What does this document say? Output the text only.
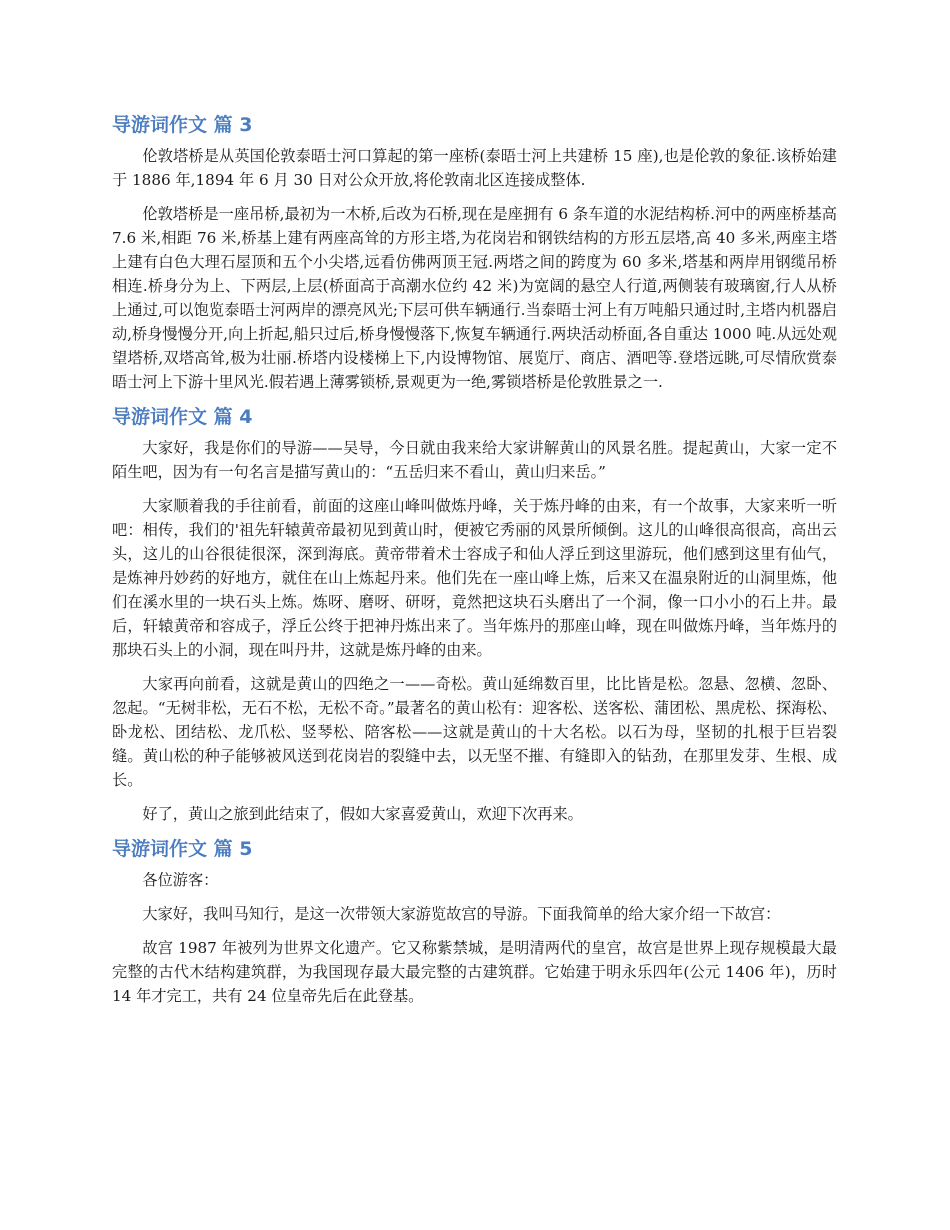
导游词作文 篇 3

伦敦塔桥是从英国伦敦泰晤士河口算起的第一座桥(泰晤士河上共建桥 15 座),也是伦敦的象征.该桥始建于 1886 年,1894 年 6 月 30 日对公众开放,将伦敦南北区连接成整体.

伦敦塔桥是一座吊桥,最初为一木桥,后改为石桥,现在是座拥有 6 条车道的水泥结构桥.河中的两座桥基高 7.6 米,相距 76 米,桥基上建有两座高耸的方形主塔,为花岗岩和钢铁结构的方形五层塔,高 40 多米,两座主塔上建有白色大理石屋顶和五个小尖塔,远看仿佛两顶王冠.两塔之间的跨度为 60 多米,塔基和两岸用钢缆吊桥相连.桥身分为上、下两层,上层(桥面高于高潮水位约 42 米)为宽阔的悬空人行道,两侧装有玻璃窗,行人从桥上通过,可以饱览泰晤士河两岸的漂亮风光;下层可供车辆通行.当泰晤士河上有万吨船只通过时,主塔内机器启动,桥身慢慢分开,向上折起,船只过后,桥身慢慢落下,恢复车辆通行.两块活动桥面,各自重达 1000 吨.从远处观望塔桥,双塔高耸,极为壮丽.桥塔内设楼梯上下,内设博物馆、展览厅、商店、酒吧等.登塔远眺,可尽情欣赏泰晤士河上下游十里风光.假若遇上薄雾锁桥,景观更为一绝,雾锁塔桥是伦敦胜景之一.

导游词作文 篇 4

大家好，我是你们的导游——吴导，今日就由我来给大家讲解黄山的风景名胜。提起黄山，大家一定不陌生吧，因为有一句名言是描写黄山的：“五岳归来不看山，黄山归来岳。”

大家顺着我的手往前看，前面的这座山峰叫做炼丹峰，关于炼丹峰的由来，有一个故事，大家来听一听吧：相传，我们的'祖先轩辕黄帝最初见到黄山时，便被它秀丽的风景所倾倒。这儿的山峰很高很高，高出云头，这儿的山谷很徒很深，深到海底。黄帝带着术士容成子和仙人浮丘到这里游玩，他们感到这里有仙气，是炼神丹妙药的好地方，就住在山上炼起丹来。他们先在一座山峰上炼，后来又在温泉附近的山洞里炼，他们在溪水里的一块石头上炼。炼呀、磨呀、研呀，竟然把这块石头磨出了一个洞，像一口小小的石上井。最后，轩辕黄帝和容成子，浮丘公终于把神丹炼出来了。当年炼丹的那座山峰，现在叫做炼丹峰，当年炼丹的那块石头上的小洞，现在叫丹井，这就是炼丹峰的由来。

大家再向前看，这就是黄山的四绝之一——奇松。黄山延绵数百里，比比皆是松。忽悬、忽横、忽卧、忽起。“无树非松，无石不松，无松不奇。”最著名的黄山松有：迎客松、送客松、蒲团松、黑虎松、探海松、卧龙松、团结松、龙爪松、竖琴松、陪客松——这就是黄山的十大名松。以石为母，坚韧的扎根于巨岩裂缝。黄山松的种子能够被风送到花岗岩的裂缝中去，以无坚不摧、有缝即入的钻劲，在那里发芽、生根、成长。

好了，黄山之旅到此结束了，假如大家喜爱黄山，欢迎下次再来。

导游词作文 篇 5

各位游客：

大家好，我叫马知行，是这一次带领大家游览故宫的导游。下面我简单的给大家介绍一下故宫：

故宫 1987 年被列为世界文化遗产。它又称紫禁城，是明清两代的皇宫，故宫是世界上现存规模最大最完整的古代木结构建筑群，为我国现存最大最完整的古建筑群。它始建于明永乐四年(公元 1406 年)，历时 14 年才完工，共有 24 位皇帝先后在此登基。
